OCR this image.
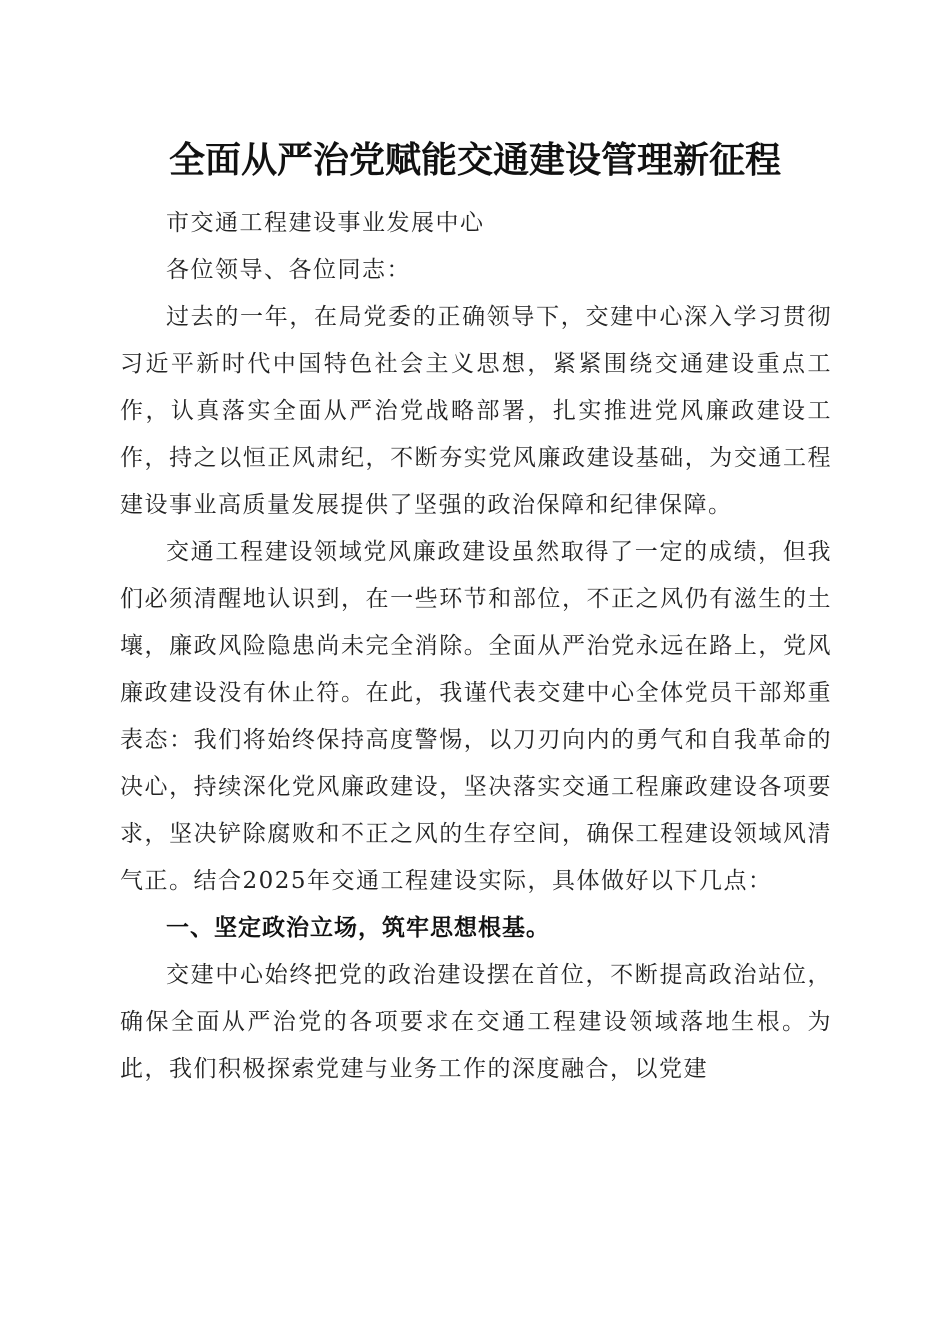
全面从严治党赋能交通建设管理新征程

市交通工程建设事业发展中心

各位领导、各位同志：

过去的一年，在局党委的正确领导下，交建中心深入学习贯彻习近平新时代中国特色社会主义思想，紧紧围绕交通建设重点工作，认真落实全面从严治党战略部署，扎实推进党风廉政建设工作，持之以恒正风肃纪，不断夯实党风廉政建设基础，为交通工程建设事业高质量发展提供了坚强的政治保障和纪律保障。

交通工程建设领域党风廉政建设虽然取得了一定的成绩，但我们必须清醒地认识到，在一些环节和部位，不正之风仍有滋生的土壤，廉政风险隐患尚未完全消除。全面从严治党永远在路上，党风廉政建设没有休止符。在此，我谨代表交建中心全体党员干部郑重表态：我们将始终保持高度警惕，以刀刃向内的勇气和自我革命的决心，持续深化党风廉政建设，坚决落实交通工程廉政建设各项要求，坚决铲除腐败和不正之风的生存空间，确保工程建设领域风清气正。结合2025年交通工程建设实际，具体做好以下几点：

一、坚定政治立场，筑牢思想根基。

交建中心始终把党的政治建设摆在首位，不断提高政治站位，确保全面从严治党的各项要求在交通工程建设领域落地生根。为此，我们积极探索党建与业务工作的深度融合，以党建
